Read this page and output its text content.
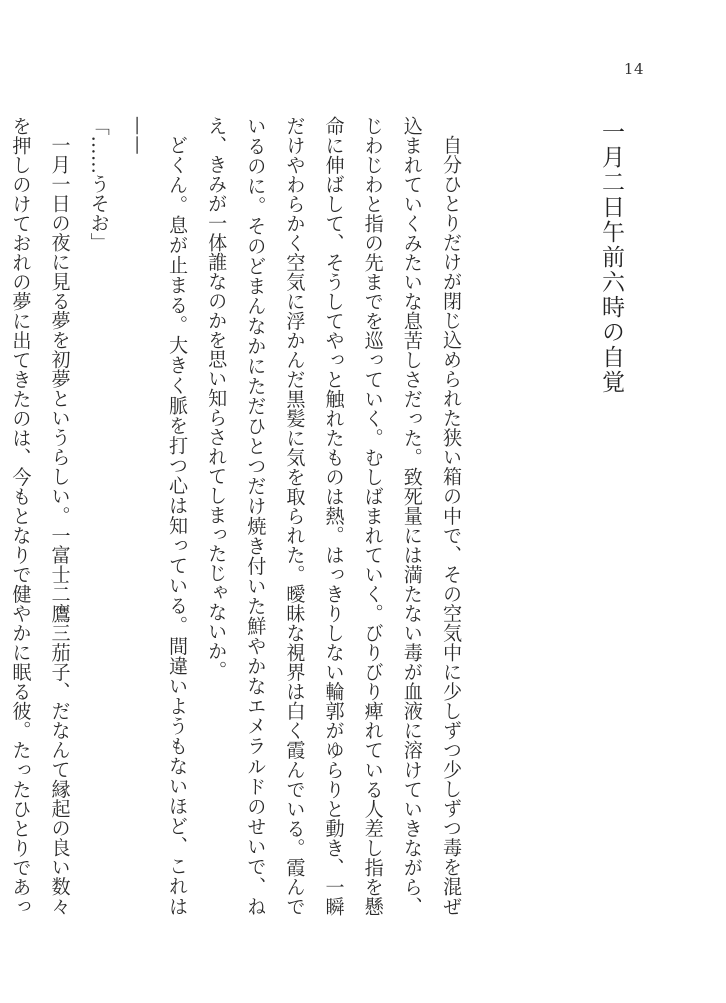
14
一月二日午前六時の自覚

自分ひとりだけが閉じ込められた狭い箱の中で、その空気中に少しずつ少しずつ毒を混ぜ込まれていくみたいな息苦しさだった。致死量には満たない毒が血液に溶けていきながら、じわじわと指の先までを巡っていく。むしばまれていく。びりびり痺れている人差し指を懸命に伸ばして、そうしてやっと触れたものは熱。はっきりしない輪郭がゆらりと動き、一瞬だけやわらかく空気に浮かんだ黒髪に気を取られた。曖昧な視界は白く霞んでいる。霞んでいるのに。そのどまんなかにただひとつだけ焼き付いた鮮やかなエメラルドのせいで、ねえ、きみが一体誰なのかを思い知らされてしまったじゃないか。

どくん。息が止まる。大きく脈を打つ心は知っている。間違いようもないほど、これは——

「……うそお」

一月一日の夜に見る夢を初夢というらしい。一富士二鷹三茄子、だなんて縁起の良い数々を押しのけておれの夢に出てきたのは、今もとなりで健やかに眠る彼。たったひとりであっ
